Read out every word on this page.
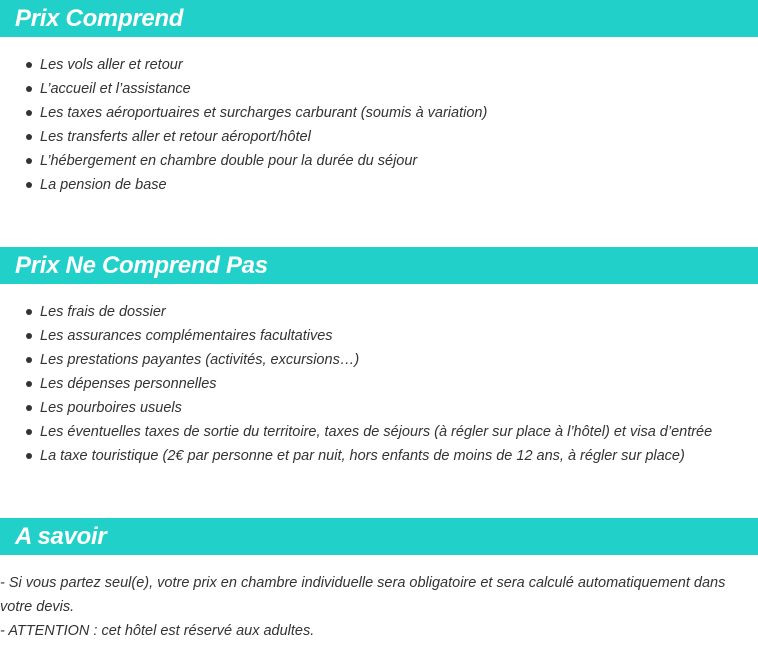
Prix Comprend
Les vols aller et retour
L’accueil et l’assistance
Les taxes aéroportuaires et surcharges carburant (soumis à variation)
Les transferts aller et retour aéroport/hôtel
L’hébergement en chambre double pour la durée du séjour
La pension de base
Prix Ne Comprend Pas
Les frais de dossier
Les assurances complémentaires facultatives
Les prestations payantes (activités, excursions…)
Les dépenses personnelles
Les pourboires usuels
Les éventuelles taxes de sortie du territoire, taxes de séjours (à régler sur place à l’hôtel) et visa d’entrée
La taxe touristique (2€ par personne et par nuit, hors enfants de moins de 12 ans, à régler sur place)
A savoir

- Si vous partez seul(e), votre prix en chambre individuelle sera obligatoire et sera calculé automatiquement dans votre devis.

- ATTENTION : cet hôtel est réservé aux adultes.
